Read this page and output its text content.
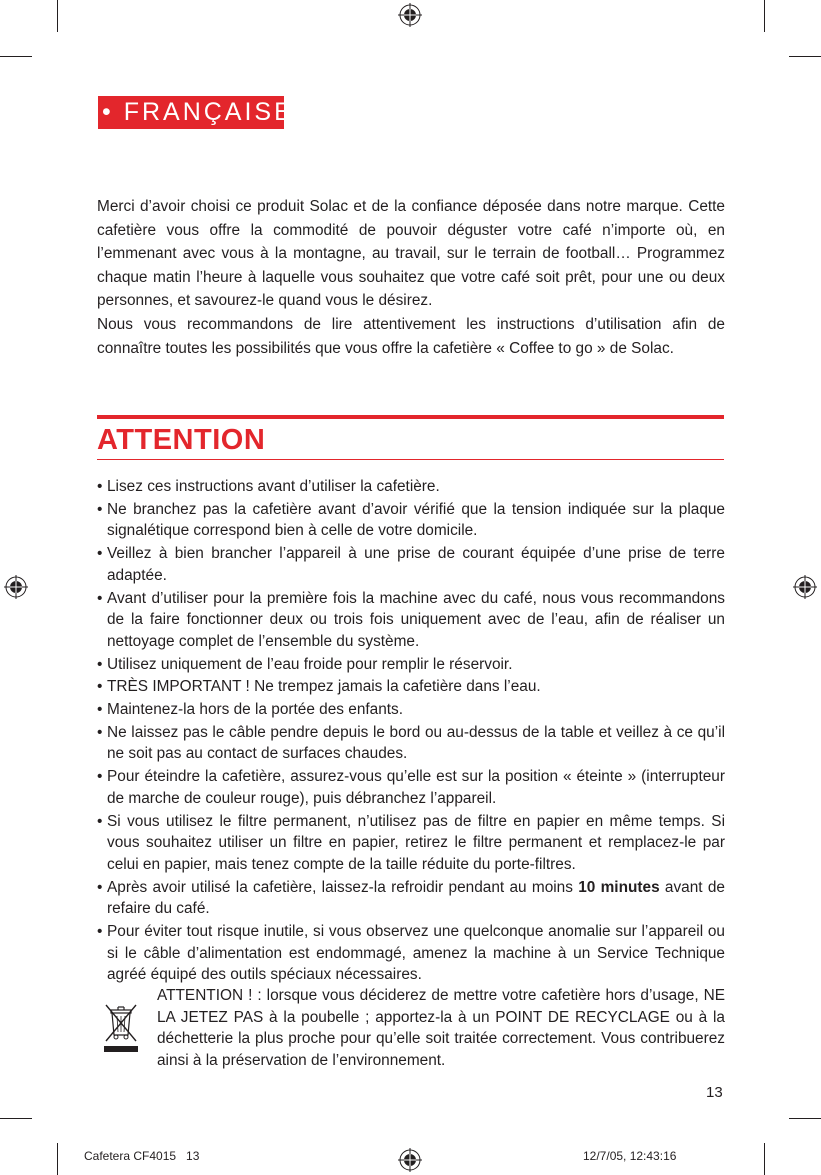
• FRANÇAISE

Merci d’avoir choisi ce produit Solac et de la confiance déposée dans notre marque. Cette cafetière vous offre la commodité de pouvoir déguster votre café n’importe où, en l’emmenant avec vous à la montagne, au travail, sur le terrain de football… Programmez chaque matin l’heure à laquelle vous souhaitez que votre café soit prêt, pour une ou deux personnes, et savourez-le quand vous le désirez.

Nous vous recommandons de lire attentivement les instructions d’utilisation afin de connaître toutes les possibilités que vous offre la cafetière « Coffee to go » de Solac.

ATTENTION
• Lisez ces instructions avant d’utiliser la cafetière.
• Ne branchez pas la cafetière avant d’avoir vérifié que la tension indiquée sur la plaque signalétique correspond bien à celle de votre domicile.
• Veillez à bien brancher l’appareil à une prise de courant équipée d’une prise de terre adaptée.
• Avant d’utiliser pour la première fois la machine avec du café, nous vous recommandons de la faire fonctionner deux ou trois fois uniquement avec de l’eau, afin de réaliser un nettoyage complet de l’ensemble du système.
• Utilisez uniquement de l’eau froide pour remplir le réservoir.
• TRÈS IMPORTANT ! Ne trempez jamais la cafetière dans l’eau.
• Maintenez-la hors de la portée des enfants.
• Ne laissez pas le câble pendre depuis le bord ou au-dessus de la table et veillez à ce qu’il ne soit pas au contact de surfaces chaudes.
• Pour éteindre la cafetière, assurez-vous qu’elle est sur la position « éteinte » (interrupteur de marche de couleur rouge), puis débranchez l’appareil.
• Si vous utilisez le filtre permanent, n’utilisez pas de filtre en papier en même temps. Si vous souhaitez utiliser un filtre en papier, retirez le filtre permanent et remplacez-le par celui en papier, mais tenez compte de la taille réduite du porte-filtres.
• Après avoir utilisé la cafetière, laissez-la refroidir pendant au moins 10 minutes avant de refaire du café.
• Pour éviter tout risque inutile, si vous observez une quelconque anomalie sur l’appareil ou si le câble d’alimentation est endommagé, amenez la machine à un Service Technique agréé équipé des outils spéciaux nécessaires.

ATTENTION ! : lorsque vous déciderez de mettre votre cafetière hors d’usage, NE LA JETEZ PAS à la poubelle ; apportez-la à un POINT DE RECYCLAGE ou à la déchetterie la plus proche pour qu’elle soit traitée correctement. Vous contribuerez ainsi à la préservation de l’environnement.

13
Cafetera CF4015   13	12/7/05, 12:43:16
